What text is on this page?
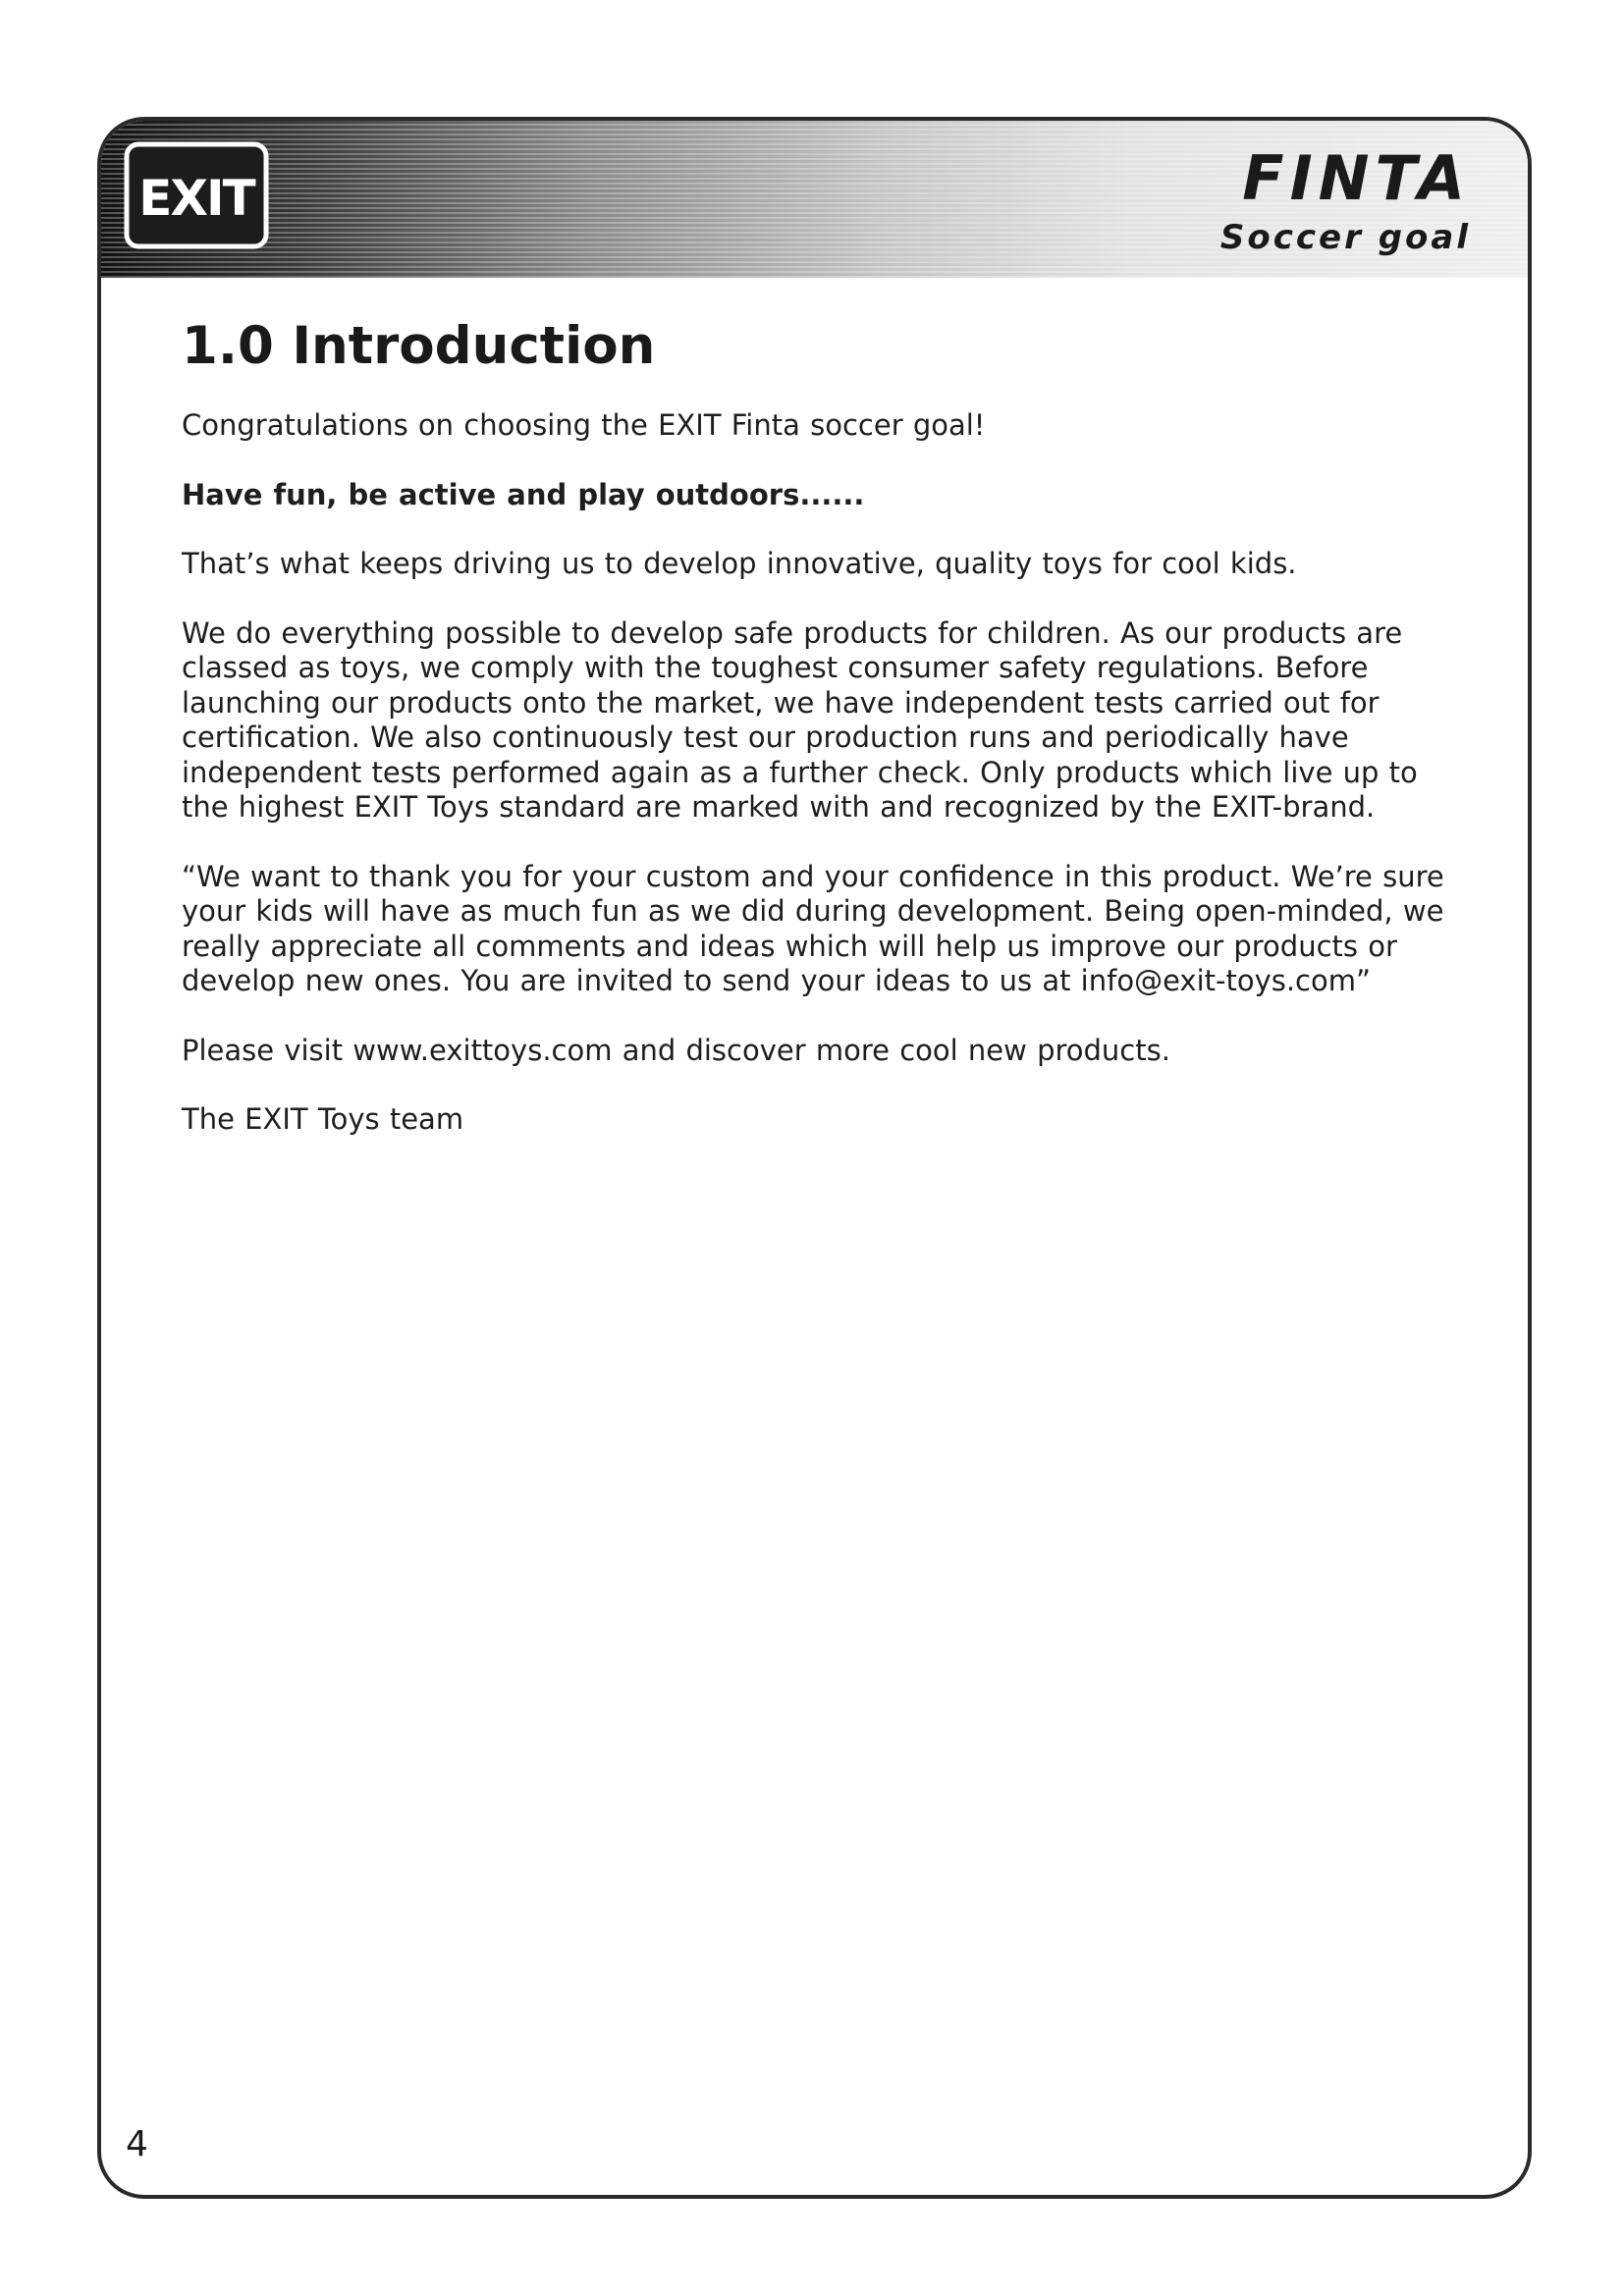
EXIT	FINTA
Soccer goal
1.0 Introduction

Congratulations on choosing the EXIT Finta soccer goal!

Have fun, be active and play outdoors......

That’s what keeps driving us to develop innovative, quality toys for cool kids.

We do everything possible to develop safe products for children. As our products are classed as toys, we comply with the toughest consumer safety regulations. Before launching our products onto the market, we have independent tests carried out for certification. We also continuously test our production runs and periodically have independent tests performed again as a further check. Only products which live up to the highest EXIT Toys standard are marked with and recognized by the EXIT-brand.

“We want to thank you for your custom and your confidence in this product. We’re sure your kids will have as much fun as we did during development. Being open-minded, we really appreciate all comments and ideas which will help us improve our products or develop new ones. You are invited to send your ideas to us at info@exit-toys.com”

Please visit www.exittoys.com and discover more cool new products.

The EXIT Toys team

4
